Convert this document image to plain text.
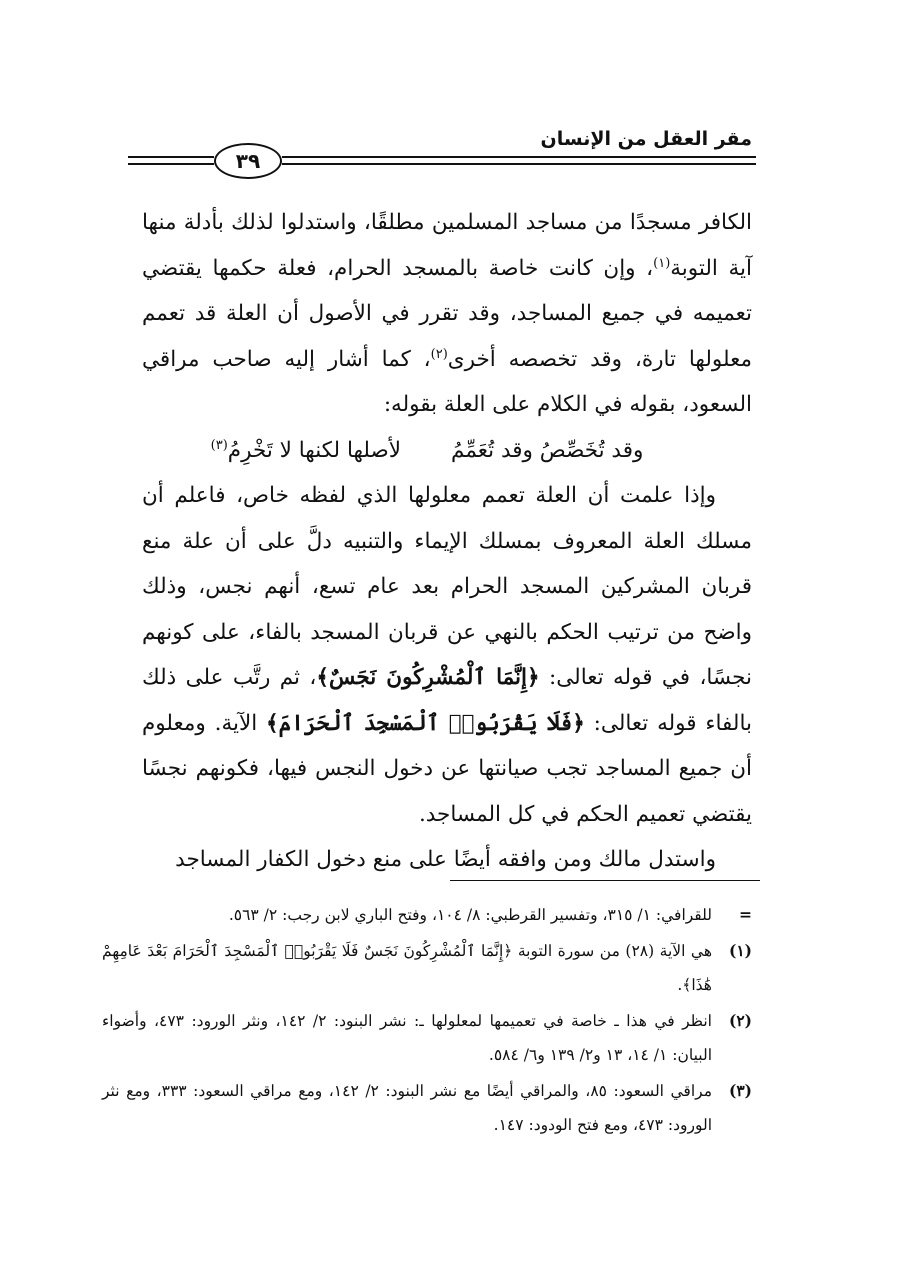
مقر العقل من الإنسان
٣٩

الكافر مسجدًا من مساجد المسلمين مطلقًا، واستدلوا لذلك بأدلة منها آية التوبة$^{(١)}$، وإن كانت خاصة بالمسجد الحرام، فعلة حكمها يقتضي تعميمه في جميع المساجد، وقد تقرر في الأصول أن العلة قد تعمم معلولها تارة، وقد تخصصه أخرى$^{(٢)}$، كما أشار إليه صاحب مراقي السعود، بقوله في الكلام على العلة بقوله:

وقد تُخَصِّصُ وقد تُعَمِّمُ
لأصلها لكنها لا تَخْرِمُ$^{(٣)}$

وإذا علمت أن العلة تعمم معلولها الذي لفظه خاص، فاعلم أن مسلك العلة المعروف بمسلك الإيماء والتنبيه دلَّ على أن علة منع قربان المشركين المسجد الحرام بعد عام تسع، أنهم نجس، وذلك واضح من ترتيب الحكم بالنهي عن قربان المسجد بالفاء، على كونهم نجسًا، في قوله تعالى: ﴿إِنَّمَا ٱلْمُشْرِكُونَ نَجَسٌ﴾، ثم رتَّب على ذلك بالفاء قوله تعالى: ﴿فَلَا يَقْرَبُوا۟ ٱلْمَسْجِدَ ٱلْحَرَامَ﴾ الآية. ومعلوم أن جميع المساجد تجب صيانتها عن دخول النجس فيها، فكونهم نجسًا يقتضي تعميم الحكم في كل المساجد.

واستدل مالك ومن وافقه أيضًا على منع دخول الكفار المساجد

=
للقرافي: ١/ ٣١٥، وتفسير القرطبي: ٨/ ١٠٤، وفتح الباري لابن رجب: ٢/ ٥٦٣.
(١)
هي الآية (٢٨) من سورة التوبة ﴿إِنَّمَا ٱلْمُشْرِكُونَ نَجَسٌ فَلَا يَقْرَبُوا۟ ٱلْمَسْجِدَ ٱلْحَرَامَ بَعْدَ عَامِهِمْ هَٰذَا﴾.
(٢)
انظر في هذا ـ خاصة في تعميمها لمعلولها ـ: نشر البنود: ٢/ ١٤٢، ونثر الورود: ٤٧٣، وأضواء البيان: ١/ ١٤، ١٣ و٢/ ١٣٩ و٦/ ٥٨٤.
(٣)
مراقي السعود: ٨٥، والمراقي أيضًا مع نشر البنود: ٢/ ١٤٢، ومع مراقي السعود: ٣٣٣، ومع نثر الورود: ٤٧٣، ومع فتح الودود: ١٤٧.
